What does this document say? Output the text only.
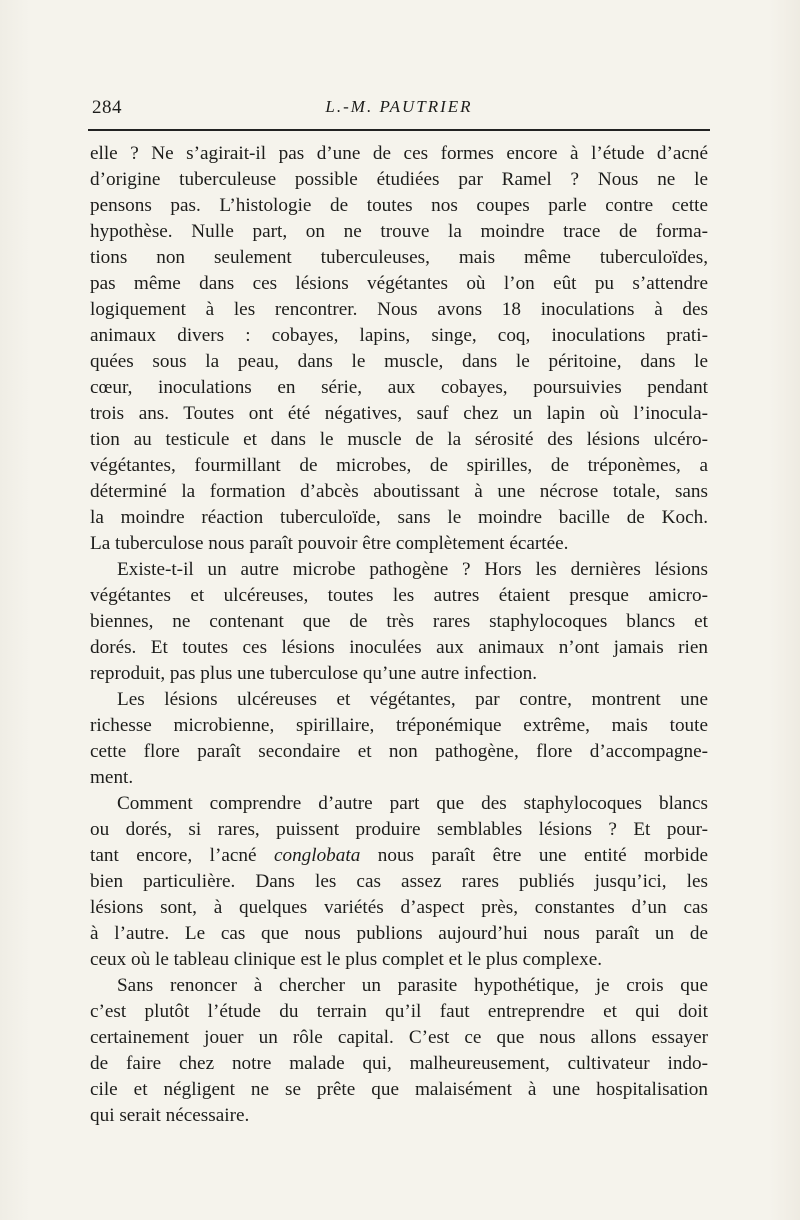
284	L.-M. PAUTRIER
elle ? Ne s’agirait-il pas d’une de ces formes encore à l’étude d’acné
d’origine tuberculeuse possible étudiées par Ramel ? Nous ne le
pensons pas. L’histologie de toutes nos coupes parle contre cette
hypothèse. Nulle part, on ne trouve la moindre trace de forma-
tions non seulement tuberculeuses, mais même tuberculoïdes,
pas même dans ces lésions végétantes où l’on eût pu s’attendre
logiquement à les rencontrer. Nous avons 18 inoculations à des
animaux divers : cobayes, lapins, singe, coq, inoculations prati-
quées sous la peau, dans le muscle, dans le péritoine, dans le
cœur, inoculations en série, aux cobayes, poursuivies pendant
trois ans. Toutes ont été négatives, sauf chez un lapin où l’inocula-
tion au testicule et dans le muscle de la sérosité des lésions ulcéro-
végétantes, fourmillant de microbes, de spirilles, de tréponèmes, a
déterminé la formation d’abcès aboutissant à une nécrose totale, sans
la moindre réaction tuberculoïde, sans le moindre bacille de Koch.
La tuberculose nous paraît pouvoir être complètement écartée.
Existe-t-il un autre microbe pathogène ? Hors les dernières lésions
végétantes et ulcéreuses, toutes les autres étaient presque amicro-
biennes, ne contenant que de très rares staphylocoques blancs et
dorés. Et toutes ces lésions inoculées aux animaux n’ont jamais rien
reproduit, pas plus une tuberculose qu’une autre infection.
Les lésions ulcéreuses et végétantes, par contre, montrent une
richesse microbienne, spirillaire, tréponémique extrême, mais toute
cette flore paraît secondaire et non pathogène, flore d’accompagne-
ment.
Comment comprendre d’autre part que des staphylocoques blancs
ou dorés, si rares, puissent produire semblables lésions ? Et pour-
tant encore, l’acné conglobata nous paraît être une entité morbide
bien particulière. Dans les cas assez rares publiés jusqu’ici, les
lésions sont, à quelques variétés d’aspect près, constantes d’un cas
à l’autre. Le cas que nous publions aujourd’hui nous paraît un de
ceux où le tableau clinique est le plus complet et le plus complexe.
Sans renoncer à chercher un parasite hypothétique, je crois que
c’est plutôt l’étude du terrain qu’il faut entreprendre et qui doit
certainement jouer un rôle capital. C’est ce que nous allons essayer
de faire chez notre malade qui, malheureusement, cultivateur indo-
cile et négligent ne se prête que malaisément à une hospitalisation
qui serait nécessaire.
